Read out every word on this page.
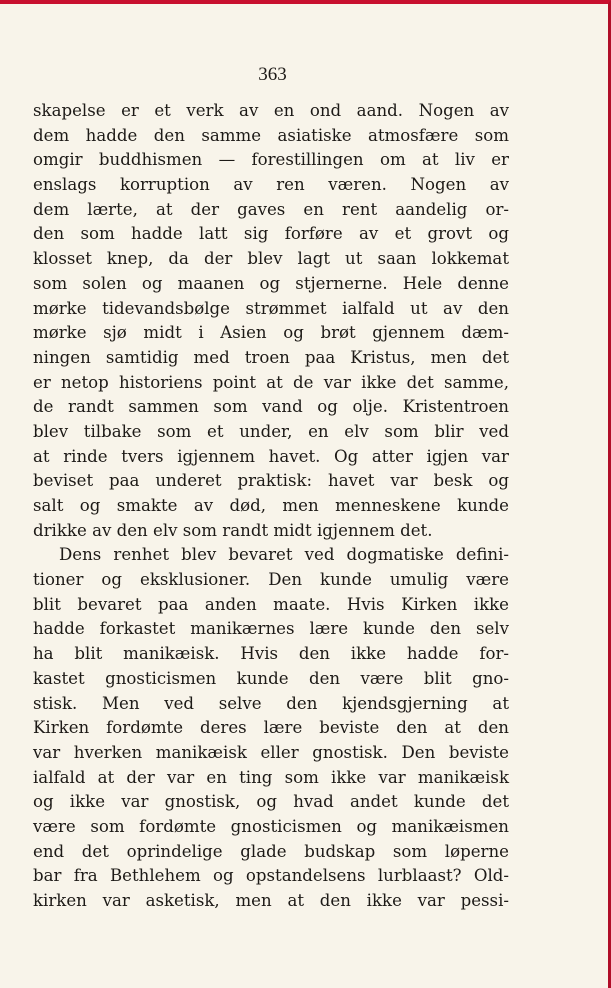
363
skapelse er et verk av en ond aand. Nogen av
dem hadde den samme asiatiske atmosfære som
omgir buddhismen — forestillingen om at liv er
enslags korruption av ren væren. Nogen av
dem lærte, at der gaves en rent aandelig or-
den som hadde latt sig forføre av et grovt og
klosset knep, da der blev lagt ut saan lokkemat
som solen og maanen og stjernerne. Hele denne
mørke tidevandsbølge strømmet ialfald ut av den
mørke sjø midt i Asien og brøt gjennem dæm-
ningen samtidig med troen paa Kristus, men det
er netop historiens point at de var ikke det samme,
de randt sammen som vand og olje. Kristentroen
blev tilbake som et under, en elv som blir ved
at rinde tvers igjennem havet. Og atter igjen var
beviset paa underet praktisk: havet var besk og
salt og smakte av død, men menneskene kunde
drikke av den elv som randt midt igjennem det.
Dens renhet blev bevaret ved dogmatiske defini-
tioner og eksklusioner. Den kunde umulig være
blit bevaret paa anden maate. Hvis Kirken ikke
hadde forkastet manikærnes lære kunde den selv
ha blit manikæisk. Hvis den ikke hadde for-
kastet gnosticismen kunde den være blit gno-
stisk. Men ved selve den kjendsgjerning at
Kirken fordømte deres lære beviste den at den
var hverken manikæisk eller gnostisk. Den beviste
ialfald at der var en ting som ikke var manikæisk
og ikke var gnostisk, og hvad andet kunde det
være som fordømte gnosticismen og manikæismen
end det oprindelige glade budskap som løperne
bar fra Bethlehem og opstandelsens lurblaast? Old-
kirken var asketisk, men at den ikke var pessi-
